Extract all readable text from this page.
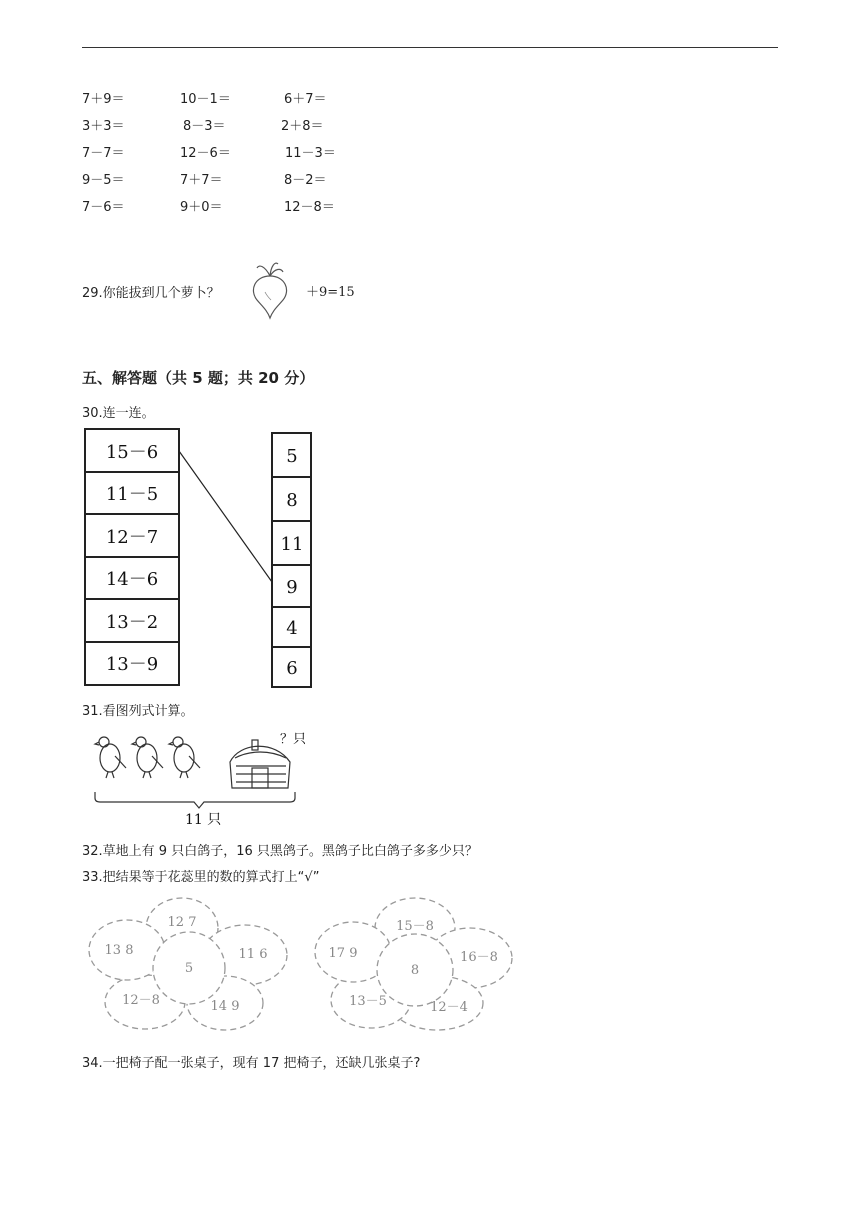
7＋9＝	10－1＝	6＋7＝
3＋3＝	8－3＝	2＋8＝
7－7＝	12－6＝	11－3＝
9－5＝	7＋7＝	8－2＝
7－6＝	9＋0＝	12－8＝
29.你能拔到几个萝卜？	＋9=15
五、解答题（共 5 题；共 20 分）
30.连一连。
15－6
11－5
12－7
14－6
13－2
13－9
5
8
11
9
4
6
31.看图列式计算。
？只
11 只
32.草地上有 9 只白鸽子，16 只黑鸽子。黑鸽子比白鸽子多多少只？
33.把结果等于花蕊里的数的算式打上“√”
5
12 7
11 6
14 9
12－8
13 8
8
15－8
16－8
12－4
13－5
17 9
34.一把椅子配一张桌子，现有 17 把椅子，还缺几张桌子?
